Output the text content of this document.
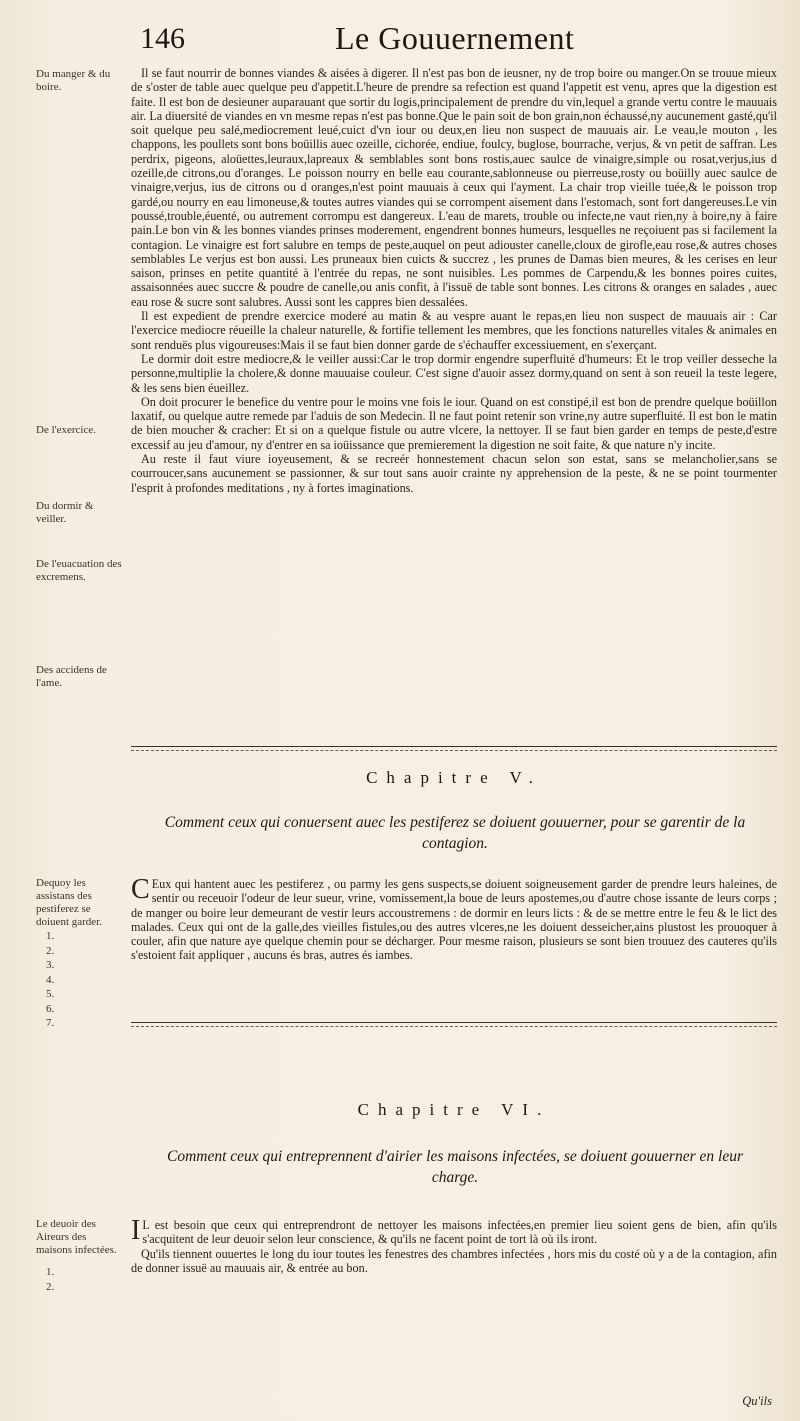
146	Le Gouuernement
Du manger & du boire.
De l'exercice.
Du dormir & veiller.
De l'euacuation des excremens.
Des accidens de l'ame.
Dequoy les assistans des pestiferez se doiuent garder.
1.
2.
3.
4.
5.
6.
7.
Le deuoir des Aireurs des maisons infectées.
1.
2.

Il se faut nourrir de bonnes viandes & aisées à digerer. Il n'est pas bon de ieusner, ny de trop boire ou manger.On se trouue mieux de s'oster de table auec quelque peu d'appetit.L'heure de prendre sa refection est quand l'appetit est venu, apres que la digestion est faite. Il est bon de desieuner auparauant que sortir du logis,principalement de prendre du vin,lequel a grande vertu contre le mauuais air. La diuersité de viandes en vn mesme repas n'est pas bonne.Que le pain soit de bon grain,non échaussé,ny aucunement gasté,qu'il soit quelque peu salé,mediocrement leué,cuict d'vn iour ou deux,en lieu non suspect de mauuais air. Le veau,le mouton , les chappons, les poullets sont bons boüillis auec ozeille, cichorée, endiue, foulcy, buglose, bourrache, verjus, & vn petit de saffran. Les perdrix, pigeons, aloüettes,leuraux,lapreaux & semblables sont bons rostis,auec saulce de vinaigre,simple ou rosat,verjus,ius d ozeille,de citrons,ou d'oranges. Le poisson nourry en belle eau courante,sablonneuse ou pierreuse,rosty ou boüilly auec saulce de vinaigre,verjus, ius de citrons ou d oranges,n'est point mauuais à ceux qui l'ayment. La chair trop vieille tuée,& le poisson trop gardé,ou nourry en eau limoneuse,& toutes autres viandes qui se corrompent aisement dans l'estomach, sont fort dangereuses.Le vin poussé,trouble,éuenté, ou autrement corrompu est dangereux. L'eau de marets, trouble ou infecte,ne vaut rien,ny à boire,ny à faire pain.Le bon vin & les bonnes viandes prinses moderement, engendrent bonnes humeurs, lesquelles ne reçoiuent pas si facilement la contagion. Le vinaigre est fort salubre en temps de peste,auquel on peut adiouster canelle,cloux de girofle,eau rose,& autres choses semblables Le verjus est bon aussi. Les pruneaux bien cuicts & succrez , les prunes de Damas bien meures, & les cerises en leur saison, prinses en petite quantité à l'entrée du repas, ne sont nuisibles. Les pommes de Carpendu,& les bonnes poires cuites, assaisonnées auec succre & poudre de canelle,ou anis confit, à l'issuë de table sont bonnes. Les citrons & oranges en salades , auec eau rose & sucre sont salubres. Aussi sont les cappres bien dessalées.

Il est expedient de prendre exercice moderé au matin & au vespre auant le repas,en lieu non suspect de mauuais air : Car l'exercice mediocre réueille la chaleur naturelle, & fortifie tellement les membres, que les fonctions naturelles vitales & animales en sont renduës plus vigoureuses:Mais il se faut bien donner garde de s'échauffer excessiuement, en s'exerçant.

Le dormir doit estre mediocre,& le veiller aussi:Car le trop dormir engendre superfluité d'humeurs: Et le trop veiller desseche la personne,multiplie la cholere,& donne mauuaise couleur. C'est signe d'auoir assez dormy,quand on sent à son reueil la teste legere, & les sens bien éueillez.

On doit procurer le benefice du ventre pour le moins vne fois le iour. Quand on est constipé,il est bon de prendre quelque boüillon laxatif, ou quelque autre remede par l'aduis de son Medecin. Il ne faut point retenir son vrine,ny autre superfluité. Il est bon le matin de bien moucher & cracher: Et si on a quelque fistule ou autre vlcere, la nettoyer. Il se faut bien garder en temps de peste,d'estre excessif au jeu d'amour, ny d'entrer en sa ioüissance que premierement la digestion ne soit faite, & que nature n'y incite.

Au reste il faut viure ioyeusement, & se recreér honnestement chacun selon son estat, sans se melancholier,sans se courroucer,sans aucunement se passionner, & sur tout sans auoir crainte ny apprehension de la peste, & ne se point tourmenter l'esprit à profondes meditations , ny à fortes imaginations.

Chapitre V.
Comment ceux qui conuersent auec les pestiferez se doiuent gouuerner, pour se garentir de la contagion.
C Eux qui hantent auec les pestiferez , ou parmy les gens suspects,se doiuent soigneusement garder de prendre leurs haleines, de sentir ou receuoir l'odeur de leur sueur, vrine, vomissement,la boue de leurs apostemes,ou d'autre chose issante de leurs corps ; de manger ou boire leur demeurant de vestir leurs accoustremens : de dormir en leurs licts : & de se mettre entre le feu & le lict des malades. Ceux qui ont de la galle,des vieilles fistules,ou des autres vlceres,ne les doiuent desseicher,ains plustost les prouoquer à couler, afin que nature aye quelque chemin pour se décharger. Pour mesme raison, plusieurs se sont bien trouuez des cauteres qu'ils s'estoient fait appliquer , aucuns és bras, autres és iambes.
Chapitre VI.
Comment ceux qui entreprennent d'airier les maisons infectées, se doiuent gouuerner en leur charge.
I L est besoin que ceux qui entreprendront de nettoyer les maisons infectées,en premier lieu soient gens de bien, afin qu'ils s'acquitent de leur deuoir selon leur conscience, & qu'ils ne facent point de tort là où ils iront.

Qu'ils tiennent ouuertes le long du iour toutes les fenestres des chambres infectées , hors mis du costé où y a de la contagion, afin de donner issuë au mauuais air, & entrée au bon.

Qu'ils
